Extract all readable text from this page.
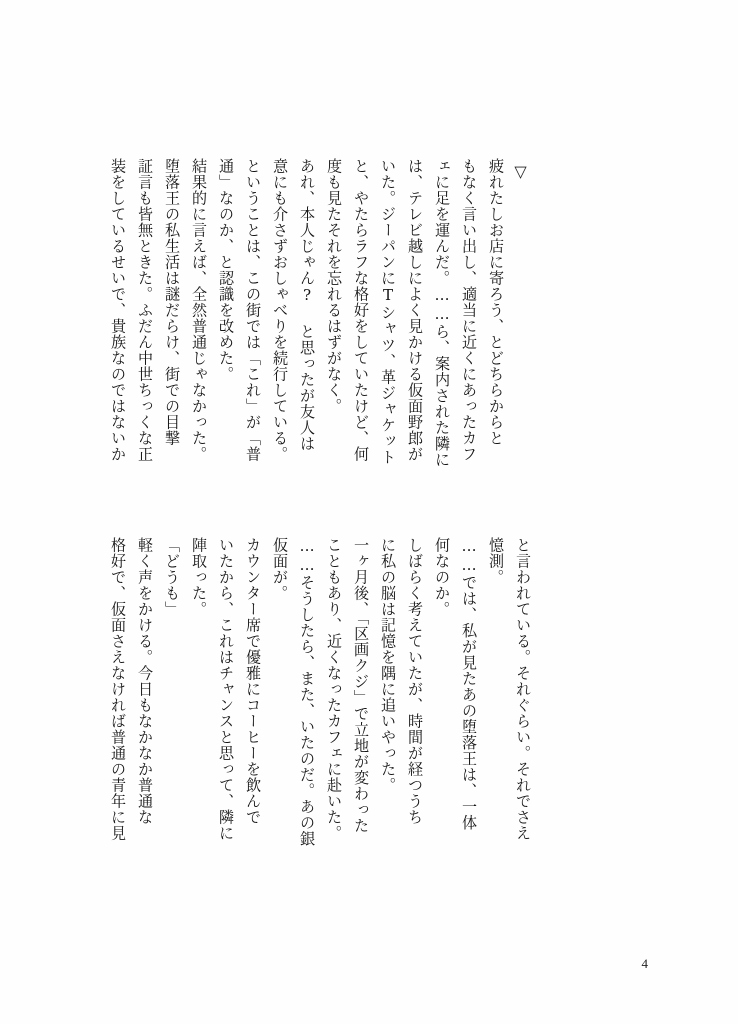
装をしているせいで、貴族なのではないか 証言も皆無ときた。ふだん中世ちっくな正 堕落王の私生活は謎だらけ、街での目撃 結果的に言えば、全然普通じゃなかった。 通」なのか、と認識を改めた。 ということは、この街では「これ」が「普 意にも介さずおしゃべりを続行している。 あれ、本人じゃん? と思ったが友人は 度も見たそれを忘れるはずがなく。 と、やたらラフな格好をしていたけど、何 いた。ジーパンにTシャツ、革ジャケット は、テレビ越しによく見かける仮面野郎が ェに足を運んだ。……ら、案内された隣に もなく言い出し、適当に近くにあったカフ 疲れたしお店に寄ろう、とどちらからと ▽
格好で、仮面さえなければ普通の青年に見 軽く声をかける。今日もなかなか普通な 「どうも」 陣取った。 いたから、これはチャンスと思って、隣に カウンター席で優雅にコーヒーを飲んで 仮面が。 ……そうしたら、また、いたのだ。あの銀 こともあり、近くなったカフェに赴いた。 一ヶ月後、「区画クジ」で立地が変わった に私の脳は記憶を隅に追いやった。 しばらく考えていたが、時間が経つうち 何なのか。 ……では、私が見たあの堕落王は、一体 憶測。 と言われている。それぐらい。それでさえ
4
